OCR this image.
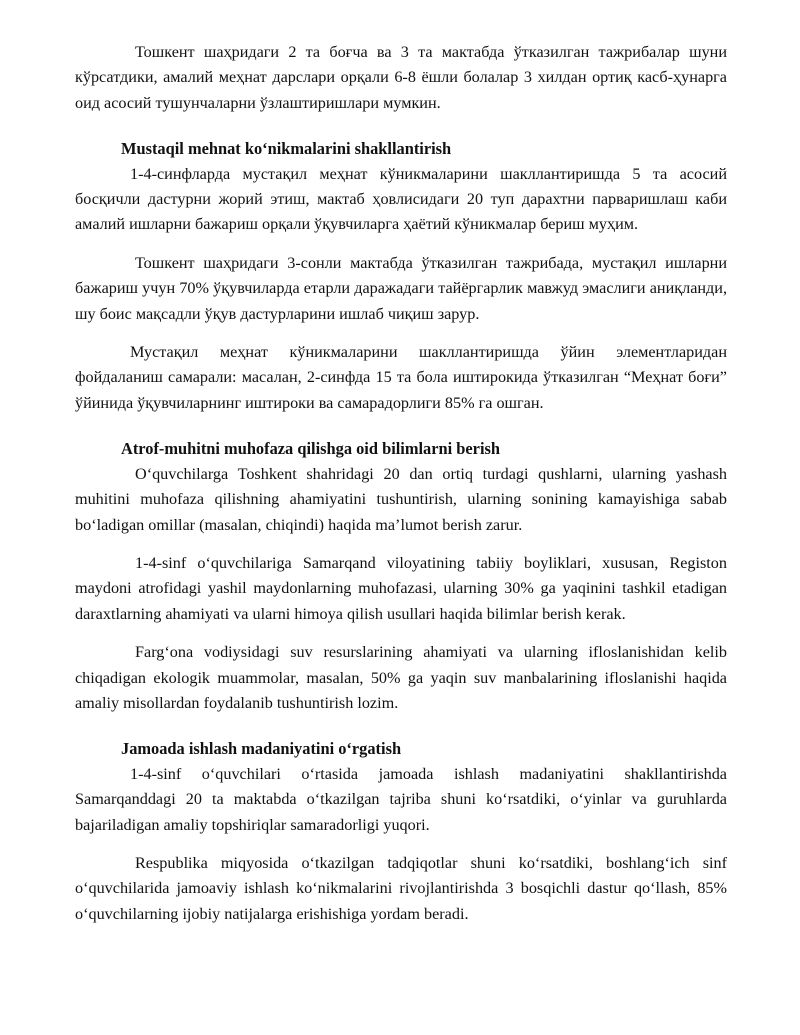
Тошкент шаҳридаги 2 та боғча ва 3 та мактабда ўтказилган тажрибалар шуни кўрсатдики, амалий меҳнат дарслари орқали 6-8 ёшли болалар 3 хилдан ортиқ касб-ҳунарга оид асосий тушунчаларни ўзлаштиришлари мумкин.

Mustaqil mehnat ko‘nikmalarini shakllantirish

1-4-синфларда мустақил меҳнат кўникмаларини шакллантиришда 5 та асосий босқичли дастурни жорий этиш, мактаб ҳовлисидаги 20 туп дарахтни парваришлаш каби амалий ишларни бажариш орқали ўқувчиларга ҳаётий кўникмалар бериш муҳим.

Тошкент шаҳридаги 3-сонли мактабда ўтказилган тажрибада, мустақил ишларни бажариш учун 70% ўқувчиларда етарли даражадаги тайёргарлик мавжуд эмаслиги аниқланди, шу боис мақсадли ўқув дастурларини ишлаб чиқиш зарур.

Мустақил меҳнат кўникмаларини шакллантиришда ўйин элементларидан фойдаланиш самарали: масалан, 2-синфда 15 та бола иштирокида ўтказилган “Меҳнат боғи” ўйинида ўқувчиларнинг иштироки ва самарадорлиги 85% га ошган.

Atrof-muhitni muhofaza qilishga oid bilimlarni berish

O‘quvchilarga Toshkent shahridagi 20 dan ortiq turdagi qushlarni, ularning yashash muhitini muhofaza qilishning ahamiyatini tushuntirish, ularning sonining kamayishiga sabab bo‘ladigan omillar (masalan, chiqindi) haqida ma’lumot berish zarur.

1-4-sinf o‘quvchilariga Samarqand viloyatining tabiiy boyliklari, xususan, Registon maydoni atrofidagi yashil maydonlarning muhofazasi, ularning 30% ga yaqinini tashkil etadigan daraxtlarning ahamiyati va ularni himoya qilish usullari haqida bilimlar berish kerak.

Farg‘ona vodiysidagi suv resurslarining ahamiyati va ularning ifloslanishidan kelib chiqadigan ekologik muammolar, masalan, 50% ga yaqin suv manbalarining ifloslanishi haqida amaliy misollardan foydalanib tushuntirish lozim.

Jamoada ishlash madaniyatini o‘rgatish

1-4-sinf o‘quvchilari o‘rtasida jamoada ishlash madaniyatini shakllantirishda Samarqanddagi 20 ta maktabda o‘tkazilgan tajriba shuni ko‘rsatdiki, o‘yinlar va guruhlarda bajariladigan amaliy topshiriqlar samaradorligi yuqori.

Respublika miqyosida o‘tkazilgan tadqiqotlar shuni ko‘rsatdiki, boshlang‘ich sinf o‘quvchilarida jamoaviy ishlash ko‘nikmalarini rivojlantirishda 3 bosqichli dastur qo‘llash, 85% o‘quvchilarning ijobiy natijalarga erishishiga yordam beradi.
